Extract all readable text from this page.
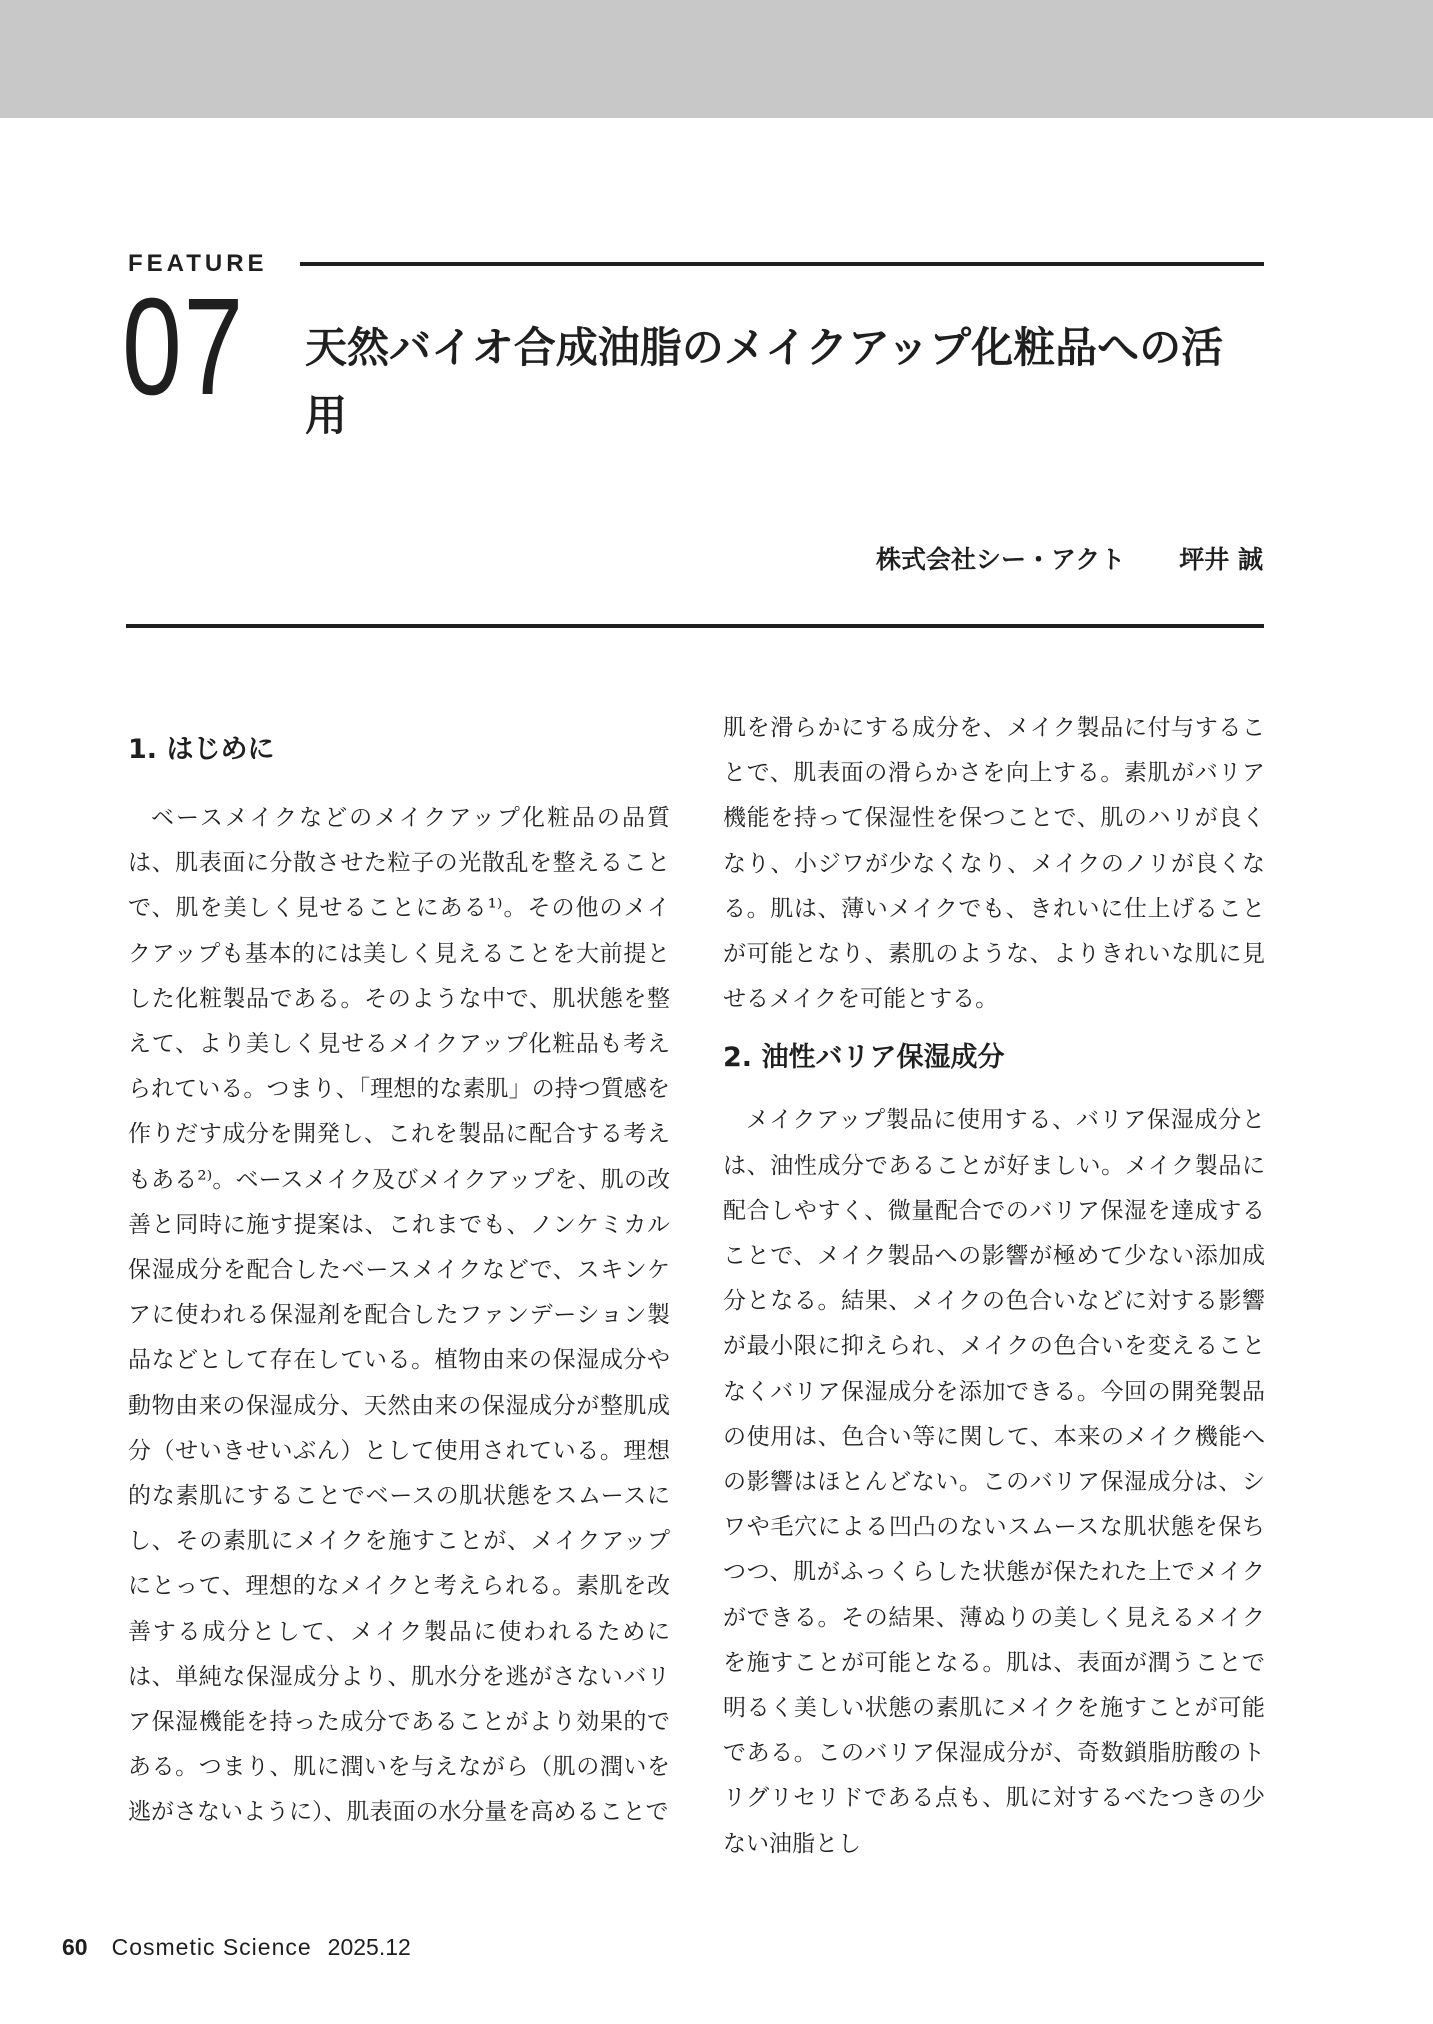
FEATURE
07 天然バイオ合成油脂のメイクアップ化粧品への活用
株式会社シー・アクト 坪井 誠
1. はじめに

ベースメイクなどのメイクアップ化粧品の品質は、肌表面に分散させた粒子の光散乱を整えることで、肌を美しく見せることにある¹⁾。その他のメイクアップも基本的には美しく見えることを大前提とした化粧製品である。そのような中で、肌状態を整えて、より美しく見せるメイクアップ化粧品も考えられている。つまり、「理想的な素肌」の持つ質感を作りだす成分を開発し、これを製品に配合する考えもある²⁾。ベースメイク及びメイクアップを、肌の改善と同時に施す提案は、これまでも、ノンケミカル保湿成分を配合したベースメイクなどで、スキンケアに使われる保湿剤を配合したファンデーション製品などとして存在している。植物由来の保湿成分や動物由来の保湿成分、天然由来の保湿成分が整肌成分（せいきせいぶん）として使用されている。理想的な素肌にすることでベースの肌状態をスムースにし、その素肌にメイクを施すことが、メイクアップにとって、理想的なメイクと考えられる。素肌を改善する成分として、メイク製品に使われるためには、単純な保湿成分より、肌水分を逃がさないバリア保湿機能を持った成分であることがより効果的である。つまり、肌に潤いを与えながら（肌の潤いを逃がさないように）、肌表面の水分量を高めることで

肌を滑らかにする成分を、メイク製品に付与することで、肌表面の滑らかさを向上する。素肌がバリア機能を持って保湿性を保つことで、肌のハリが良くなり、小ジワが少なくなり、メイクのノリが良くなる。肌は、薄いメイクでも、きれいに仕上げることが可能となり、素肌のような、よりきれいな肌に見せるメイクを可能とする。

2. 油性バリア保湿成分

メイクアップ製品に使用する、バリア保湿成分とは、油性成分であることが好ましい。メイク製品に配合しやすく、微量配合でのバリア保湿を達成することで、メイク製品への影響が極めて少ない添加成分となる。結果、メイクの色合いなどに対する影響が最小限に抑えられ、メイクの色合いを変えることなくバリア保湿成分を添加できる。今回の開発製品の使用は、色合い等に関して、本来のメイク機能への影響はほとんどない。このバリア保湿成分は、シワや毛穴による凹凸のないスムースな肌状態を保ちつつ、肌がふっくらした状態が保たれた上でメイクができる。その結果、薄ぬりの美しく見えるメイクを施すことが可能となる。肌は、表面が潤うことで明るく美しい状態の素肌にメイクを施すことが可能である。このバリア保湿成分が、奇数鎖脂肪酸のトリグリセリドである点も、肌に対するべたつきの少ない油脂とし

60 Cosmetic Science 2025.12
